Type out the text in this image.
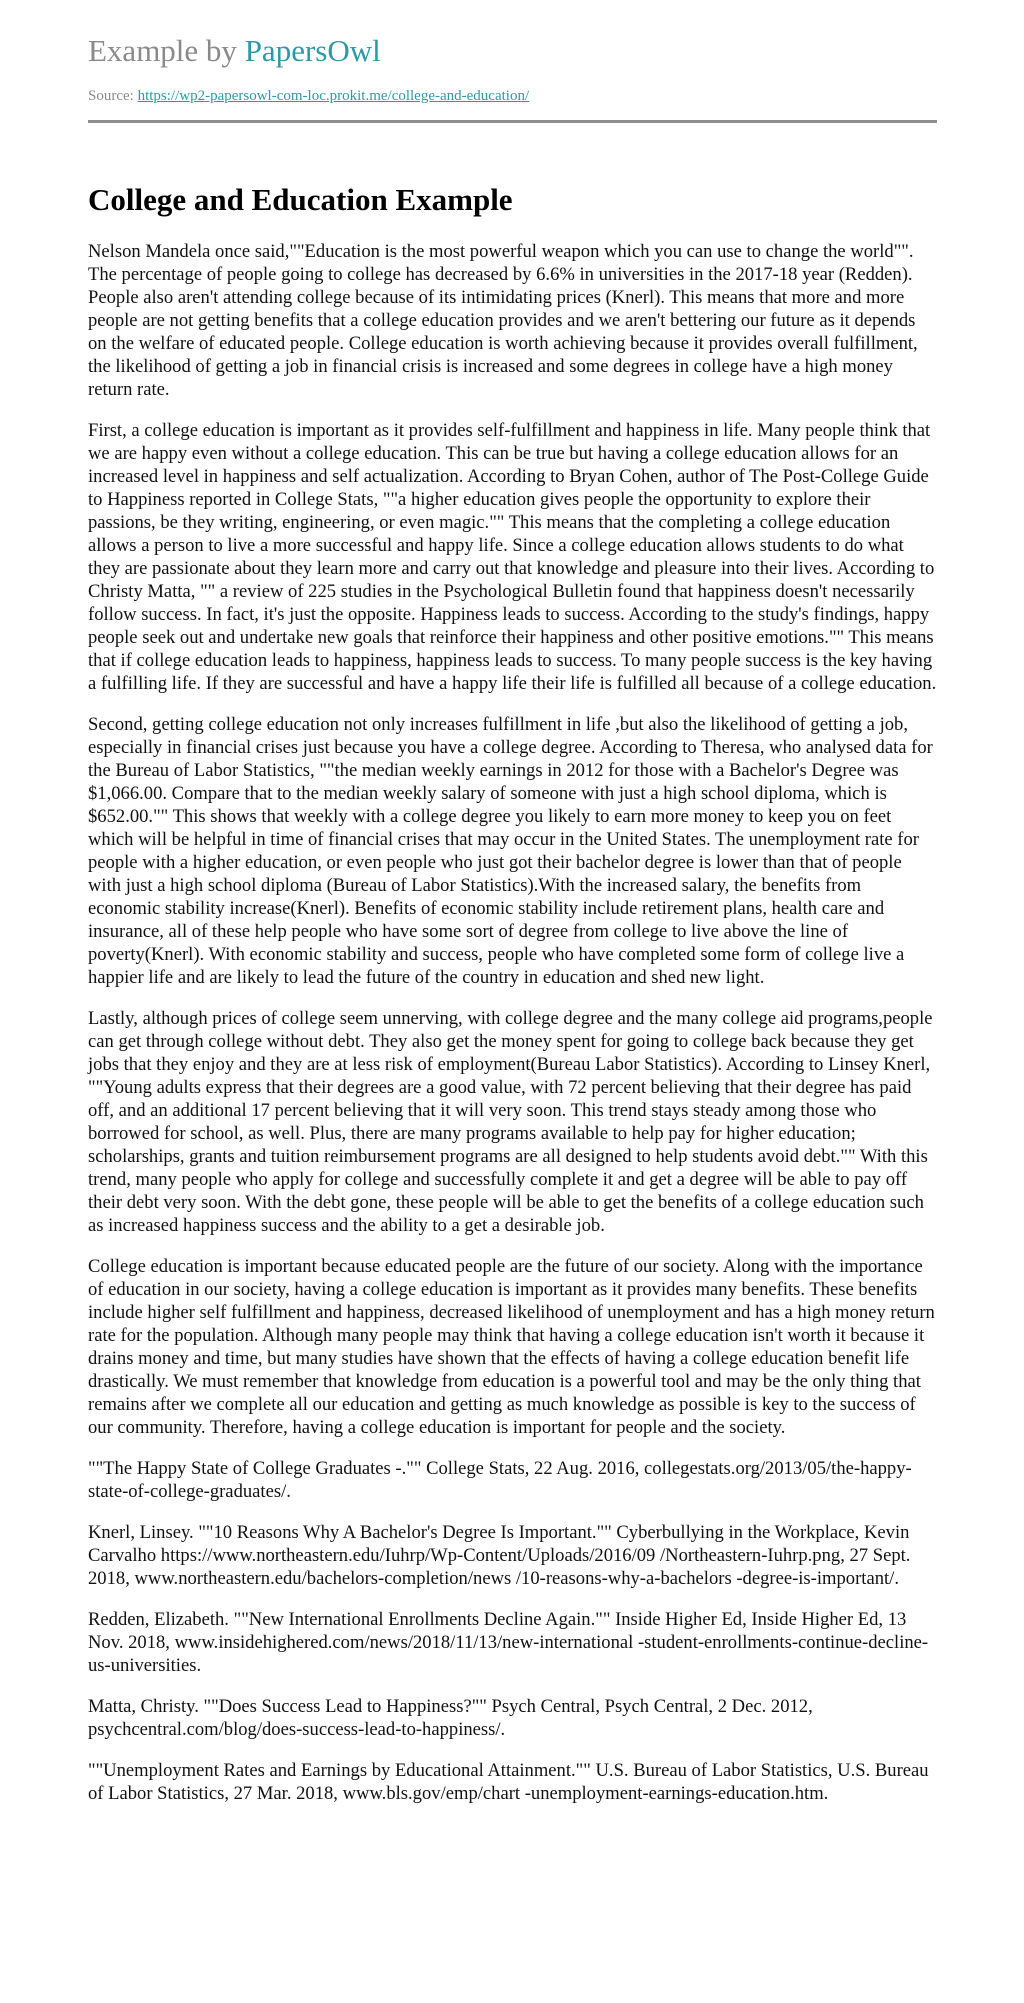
Example by PapersOwl

Source: https://wp2-papersowl-com-loc.prokit.me/college-and-education/

College and Education Example

Nelson Mandela once said,""Education is the most powerful weapon which you can use to change the world"". The percentage of people going to college has decreased by 6.6% in universities in the 2017-18 year (Redden). People also aren't attending college because of its intimidating prices (Knerl). This means that more and more people are not getting benefits that a college education provides and we aren't bettering our future as it depends on the welfare of educated people. College education is worth achieving because it provides overall fulfillment, the likelihood of getting a job in financial crisis is increased and some degrees in college have a high money return rate.

First, a college education is important as it provides self-fulfillment and happiness in life. Many people think that we are happy even without a college education. This can be true but having a college education allows for an increased level in happiness and self actualization. According to Bryan Cohen, author of The Post-College Guide to Happiness reported in College Stats, ""a higher education gives people the opportunity to explore their passions, be they writing, engineering, or even magic."" This means that the completing a college education allows a person to live a more successful and happy life. Since a college education allows students to do what they are passionate about they learn more and carry out that knowledge and pleasure into their lives. According to Christy Matta, "" a review of 225 studies in the Psychological Bulletin found that happiness doesn't necessarily follow success. In fact, it's just the opposite. Happiness leads to success. According to the study's findings, happy people seek out and undertake new goals that reinforce their happiness and other positive emotions."" This means that if college education leads to happiness, happiness leads to success. To many people success is the key having a fulfilling life. If they are successful and have a happy life their life is fulfilled all because of a college education.

Second, getting college education not only increases fulfillment in life ,but also the likelihood of getting a job, especially in financial crises just because you have a college degree. According to Theresa, who analysed data for the Bureau of Labor Statistics, ""the median weekly earnings in 2012 for those with a Bachelor's Degree was $1,066.00. Compare that to the median weekly salary of someone with just a high school diploma, which is $652.00."" This shows that weekly with a college degree you likely to earn more money to keep you on feet which will be helpful in time of financial crises that may occur in the United States. The unemployment rate for people with a higher education, or even people who just got their bachelor degree is lower than that of people with just a high school diploma (Bureau of Labor Statistics).With the increased salary, the benefits from economic stability increase(Knerl). Benefits of economic stability include retirement plans, health care and insurance, all of these help people who have some sort of degree from college to live above the line of poverty(Knerl). With economic stability and success, people who have completed some form of college live a happier life and are likely to lead the future of the country in education and shed new light.

Lastly, although prices of college seem unnerving, with college degree and the many college aid programs,people can get through college without debt. They also get the money spent for going to college back because they get jobs that they enjoy and they are at less risk of employment(Bureau Labor Statistics). According to Linsey Knerl, ""Young adults express that their degrees are a good value, with 72 percent believing that their degree has paid off, and an additional 17 percent believing that it will very soon. This trend stays steady among those who borrowed for school, as well. Plus, there are many programs available to help pay for higher education; scholarships, grants and tuition reimbursement programs are all designed to help students avoid debt."" With this trend, many people who apply for college and successfully complete it and get a degree will be able to pay off their debt very soon. With the debt gone, these people will be able to get the benefits of a college education such as increased happiness success and the ability to a get a desirable job.

College education is important because educated people are the future of our society. Along with the importance of education in our society, having a college education is important as it provides many benefits. These benefits include higher self fulfillment and happiness, decreased likelihood of unemployment and has a high money return rate for the population. Although many people may think that having a college education isn't worth it because it drains money and time, but many studies have shown that the effects of having a college education benefit life drastically. We must remember that knowledge from education is a powerful tool and may be the only thing that remains after we complete all our education and getting as much knowledge as possible is key to the success of our community. Therefore, having a college education is important for people and the society.

""The Happy State of College Graduates -."" College Stats, 22 Aug. 2016, collegestats.org/2013/05/the-happy-state-of-college-graduates/.

Knerl, Linsey. ""10 Reasons Why A Bachelor's Degree Is Important."" Cyberbullying in the Workplace, Kevin Carvalho https://www.northeastern.edu/Iuhrp/Wp-Content/Uploads/2016/09 /Northeastern-Iuhrp.png, 27 Sept. 2018, www.northeastern.edu/bachelors-completion/news /10-reasons-why-a-bachelors -degree-is-important/.

Redden, Elizabeth. ""New International Enrollments Decline Again."" Inside Higher Ed, Inside Higher Ed, 13 Nov. 2018, www.insidehighered.com/news/2018/11/13/new-international -student-enrollments-continue-decline-us-universities.

Matta, Christy. ""Does Success Lead to Happiness?"" Psych Central, Psych Central, 2 Dec. 2012, psychcentral.com/blog/does-success-lead-to-happiness/.

""Unemployment Rates and Earnings by Educational Attainment."" U.S. Bureau of Labor Statistics, U.S. Bureau of Labor Statistics, 27 Mar. 2018, www.bls.gov/emp/chart -unemployment-earnings-education.htm.
